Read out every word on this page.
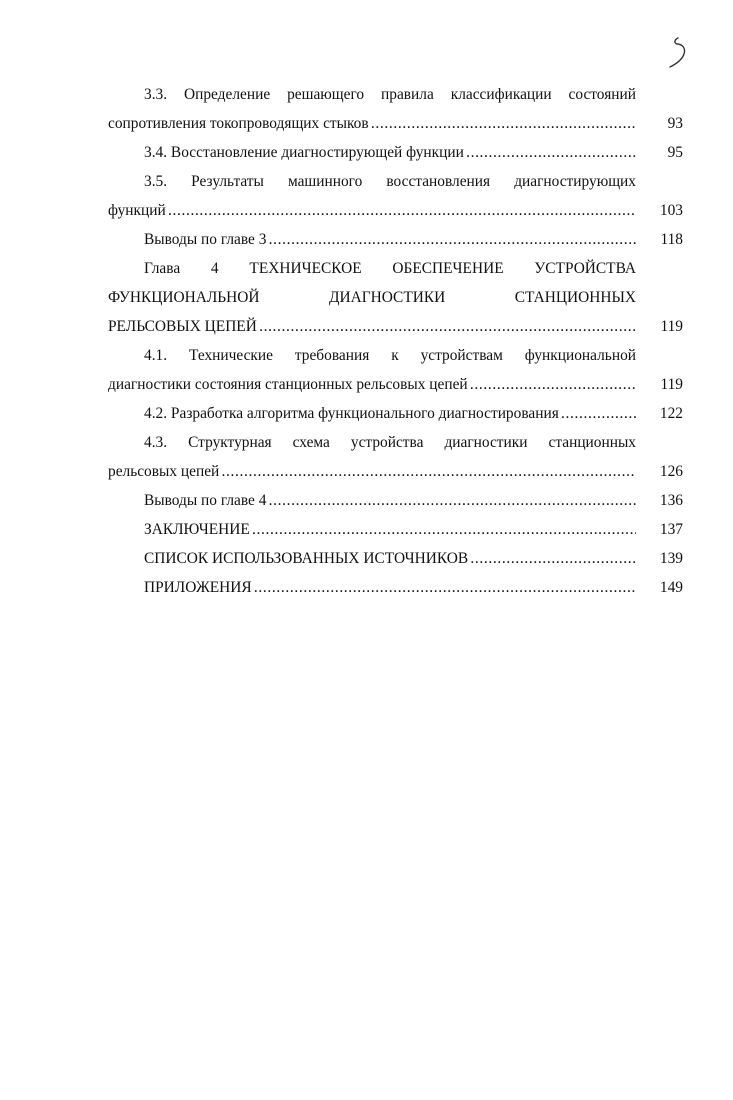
3.3. Определение решающего правила классификации состояний
сопротивления токопроводящих стыков . . .	93
3.4. Восстановление диагностирующей функции . . .	95
3.5. Результаты машинного восстановления диагностирующих
функций . . .	103
Выводы по главе 3 . . .	118
Глава 4 ТЕХНИЧЕСКОЕ ОБЕСПЕЧЕНИЕ УСТРОЙСТВА
ФУНКЦИОНАЛЬНОЙ ДИАГНОСТИКИ СТАНЦИОННЫХ
РЕЛЬСОВЫХ ЦЕПЕЙ . . .	119
4.1. Технические требования к устройствам функциональной
диагностики состояния станционных рельсовых цепей . . .	119
4.2. Разработка алгоритма функционального диагностирования . . .	122
4.3. Структурная схема устройства диагностики станционных
рельсовых цепей . . .	126
Выводы по главе 4 . . .	136
ЗАКЛЮЧЕНИЕ . . .	137
СПИСОК ИСПОЛЬЗОВАННЫХ ИСТОЧНИКОВ . . .	139
ПРИЛОЖЕНИЯ . . .	149
